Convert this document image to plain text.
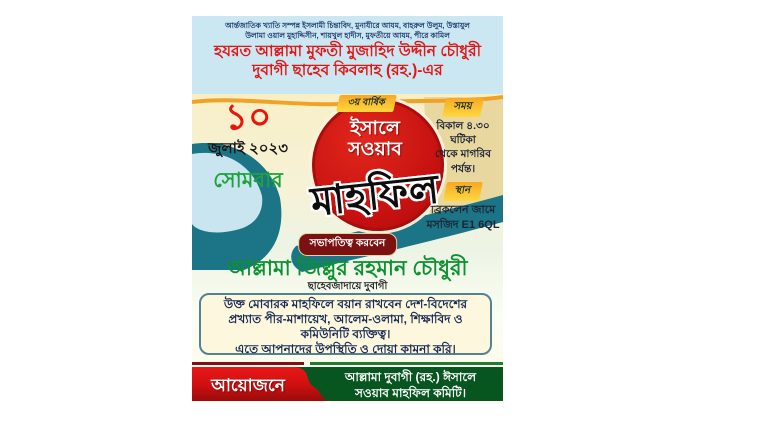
আর্ন্তজাতিক খ্যাতি সম্পন্ন ইসলামী চিন্তাবিদ, মুনাযীরে আযম, বাহরুল উলুম, উস্তাযুল
উলামা ওয়াল মুহাদ্দিসীন, শায়খুল হাদীস, মুফতীয়ে আযম, পীরে কামিল
হযরত আল্লামা মুফতী মুজাহিদ উদ্দীন চৌধুরী
দুবাগী ছাহেব কিবলাহ (রহ.)-এর
১০
জুলাই ২০২৩
সোমবার
৩য় বার্ষিক
ইসালে
সওয়াব
মাহফিল
সময়
বিকাল ৪.৩০ ঘটিকা
থেকে মাগরিব পর্যন্ত।
স্থান
ব্রিকলেন জামে
মসজিদ E1 6QL
সভাপতিত্ব করবেন
আল্লামা জিল্লুর রহমান চৌধুরী
ছাহেবজাদায়ে দুবাগী
উক্ত মোবারক মাহফিলে বয়ান রাখবেন দেশ-বিদেশের
প্রখ্যাত পীর-মাশায়েখ, আলেম-ওলামা, শিক্ষাবিদ ও
কমিউনিটি ব্যক্তিত্ব।
এতে আপনাদের উপস্থিতি ও দোয়া কামনা করি।
আয়োজনে	আল্লামা দুবাগী (রহ.) ঈসালে
সওয়াব মাহফিল কমিটি।
